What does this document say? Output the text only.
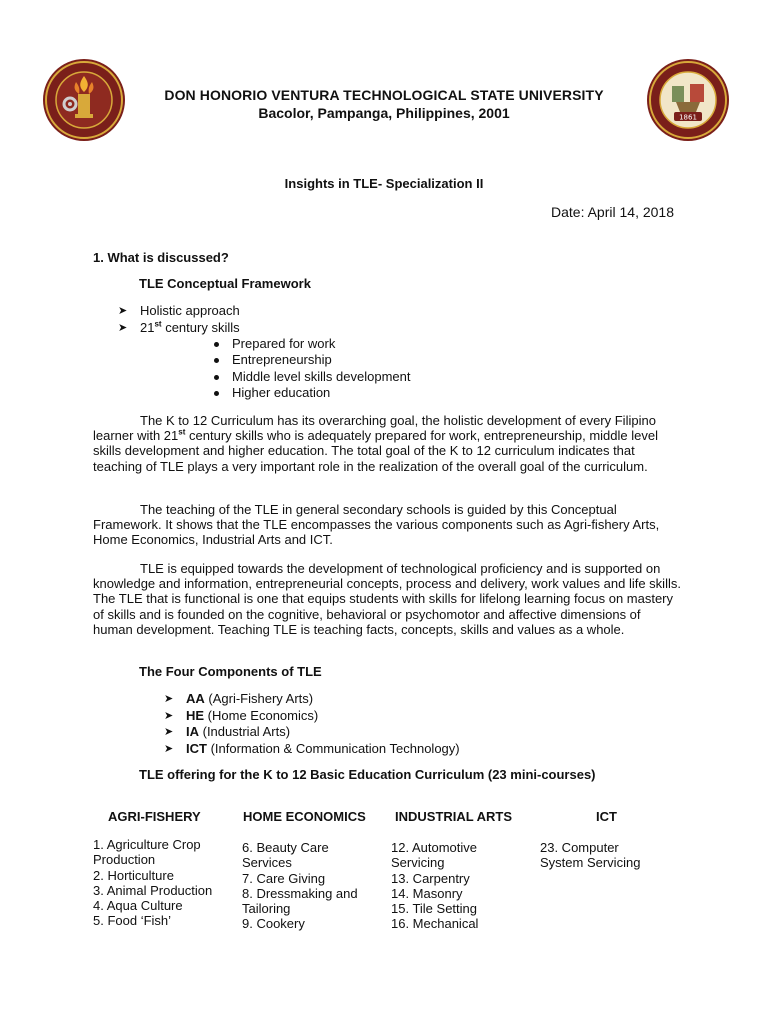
1861
DON HONORIO VENTURA TECHNOLOGICAL STATE UNIVERSITY
Bacolor, Pampanga, Philippines, 2001
Insights in TLE- Specialization II
Date: April 14, 2018
1. What is discussed?
TLE Conceptual Framework
➤ Holistic approach
➤ 21st century skills
Prepared for work
Entrepreneurship
Middle level skills development
Higher education
The K to 12 Curriculum has its overarching goal, the holistic development of every Filipino learner with 21st century skills who is adequately prepared for work, entrepreneurship, middle level skills development and higher education. The total goal of the K to 12 curriculum indicates that teaching of TLE plays a very important role in the realization of the overall goal of the curriculum.
The teaching of the TLE in general secondary schools is guided by this Conceptual Framework. It shows that the TLE encompasses the various components such as Agri-fishery Arts, Home Economics, Industrial Arts and ICT.
TLE is equipped towards the development of technological proficiency and is supported on knowledge and information, entrepreneurial concepts, process and delivery, work values and life skills. The TLE that is functional is one that equips students with skills for lifelong learning focus on mastery of skills and is founded on the cognitive, behavioral or psychomotor and affective dimensions of human development. Teaching TLE is teaching facts, concepts, skills and values as a whole.
The Four Components of TLE
➤ AA (Agri-Fishery Arts)
➤ HE (Home Economics)
➤ IA (Industrial Arts)
➤ ICT (Information & Communication Technology)
TLE offering for the K to 12 Basic Education Curriculum (23 mini-courses)
AGRI-FISHERY	HOME ECONOMICS INDUSTRIAL ARTS	ICT
1. Agriculture Crop
Production
2. Horticulture
3. Animal Production
4. Aqua Culture
5. Food ‘Fish’
6. Beauty Care
Services
7. Care Giving
8. Dressmaking and
Tailoring
9. Cookery
12. Automotive
Servicing
13. Carpentry
14. Masonry
15. Tile Setting
16. Mechanical
23. Computer
System Servicing
